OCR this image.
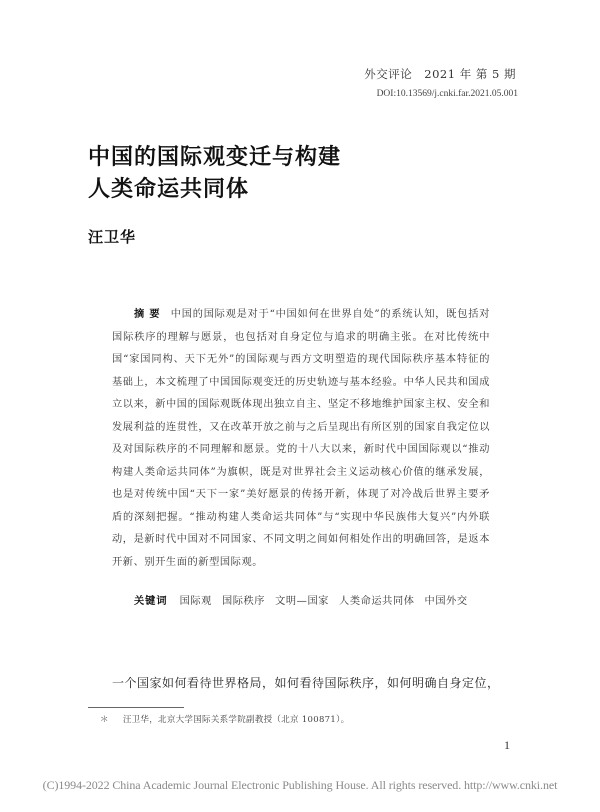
外交评论　2021 年 第 5 期
DOI:10.13569/j.cnki.far.2021.05.001
中国的国际观变迁与构建
人类命运共同体
汪卫华
摘要 中国的国际观是对于“中国如何在世界自处”的系统认知，既包括对国际秩序的理解与愿景，也包括对自身定位与追求的明确主张。在对比传统中国“家国同构、天下无外”的国际观与西方文明塑造的现代国际秩序基本特征的基础上，本文梳理了中国国际观变迁的历史轨迹与基本经验。中华人民共和国成立以来，新中国的国际观既体现出独立自主、坚定不移地维护国家主权、安全和发展利益的连贯性，又在改革开放之前与之后呈现出有所区别的国家自我定位以及对国际秩序的不同理解和愿景。党的十八大以来，新时代中国国际观以“推动构建人类命运共同体”为旗帜，既是对世界社会主义运动核心价值的继承发展，也是对传统中国“天下一家”美好愿景的传扬开新，体现了对冷战后世界主要矛盾的深刻把握。“推动构建人类命运共同体”与“实现中华民族伟大复兴”内外联动，是新时代中国对不同国家、不同文明之间如何相处作出的明确回答，是返本开新、别开生面的新型国际观。
关键词 国际观 国际秩序 文明—国家 人类命运共同体 中国外交
一个国家如何看待世界格局，如何看待国际秩序，如何明确自身定位，
＊ 汪卫华，北京大学国际关系学院副教授（北京 100871）。
1
(C)1994-2022 China Academic Journal Electronic Publishing House. All rights reserved. http://www.cnki.net
